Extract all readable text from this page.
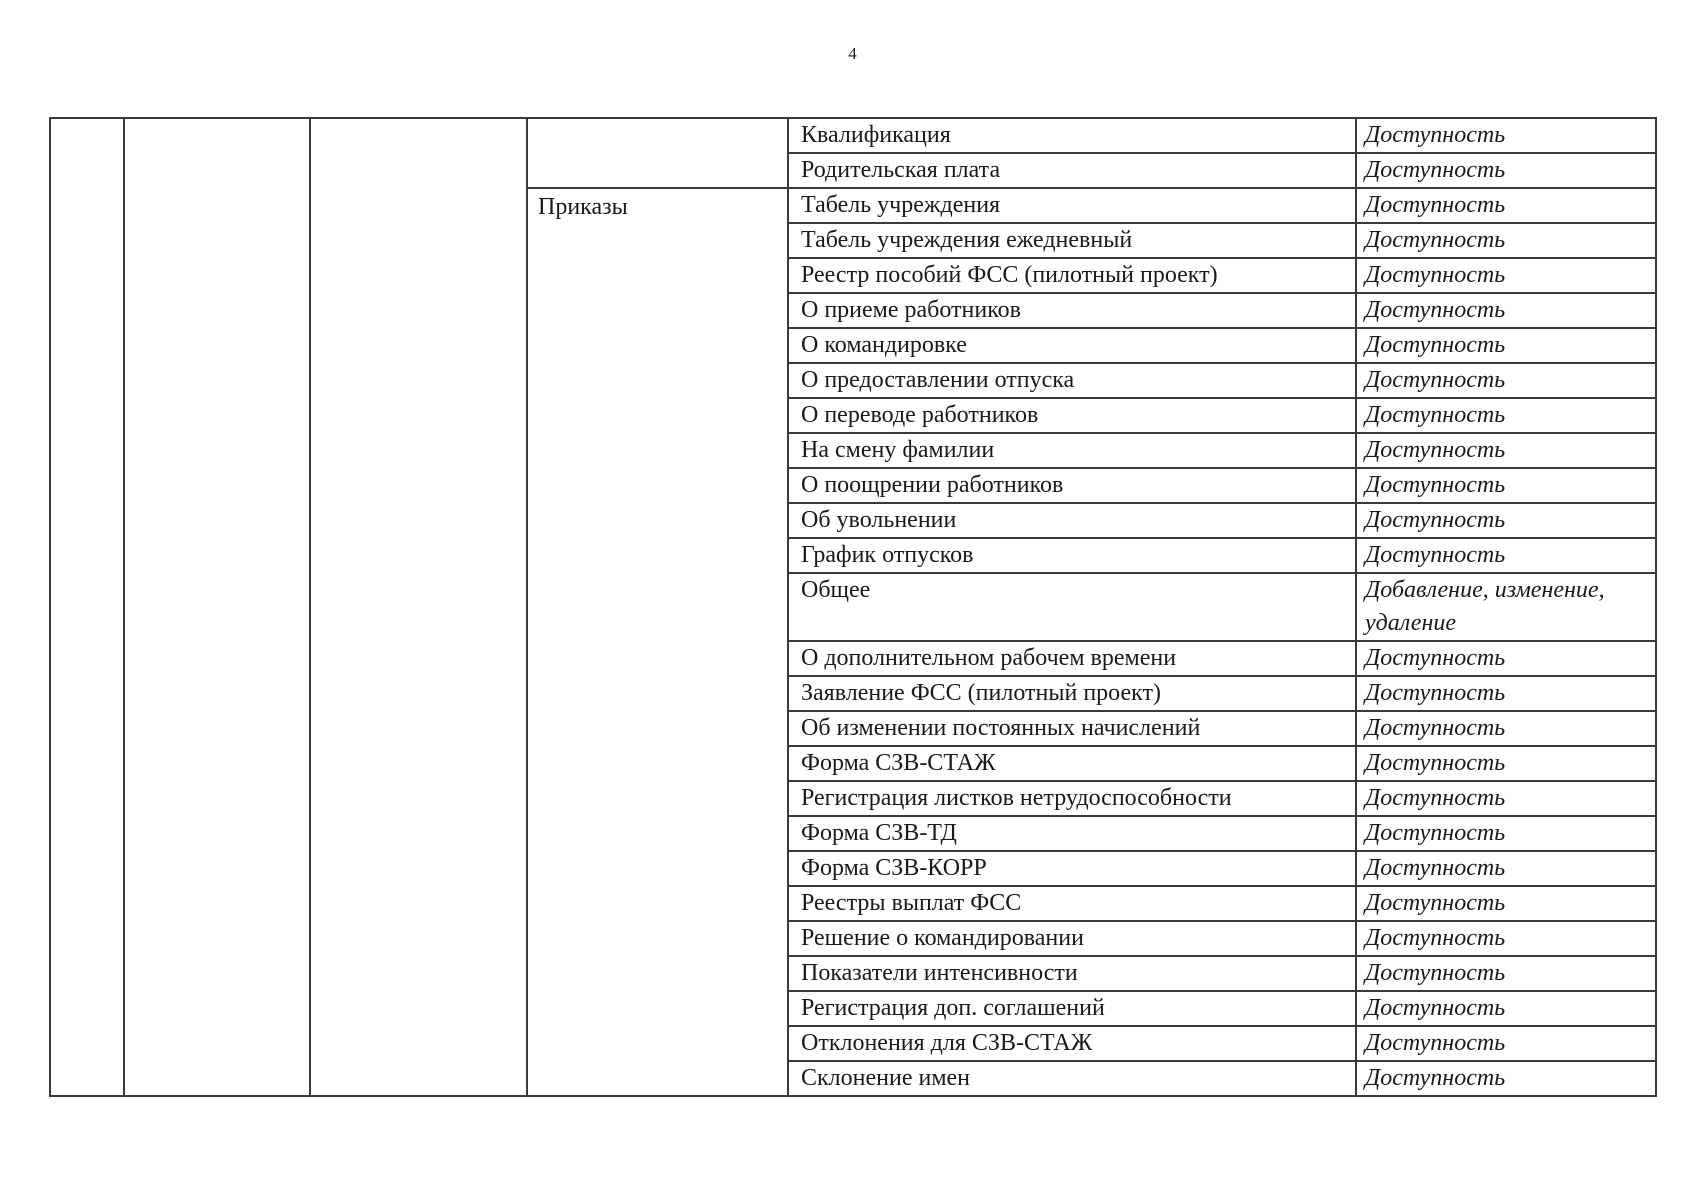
4
				Квалификация	Доступность
				Родительская плата	Доступность
			Приказы	Табель учреждения	Доступность
				Табель учреждения ежедневный	Доступность
				Реестр пособий ФСС (пилотный проект)	Доступность
				О приеме работников	Доступность
				О командировке	Доступность
				О предоставлении отпуска	Доступность
				О переводе работников	Доступность
				На смену фамилии	Доступность
				О поощрении работников	Доступность
				Об увольнении	Доступность
				График отпусков	Доступность
				Общее	Добавление, изменение, удаление
				О дополнительном рабочем времени	Доступность
				Заявление ФСС (пилотный проект)	Доступность
				Об изменении постоянных начислений	Доступность
				Форма СЗВ-СТАЖ	Доступность
				Регистрация листков нетрудоспособности	Доступность
				Форма СЗВ-ТД	Доступность
				Форма СЗВ-КОРР	Доступность
				Реестры выплат ФСС	Доступность
				Решение о командировании	Доступность
				Показатели интенсивности	Доступность
				Регистрация доп. соглашений	Доступность
				Отклонения для СЗВ-СТАЖ	Доступность
				Склонение имен	Доступность
